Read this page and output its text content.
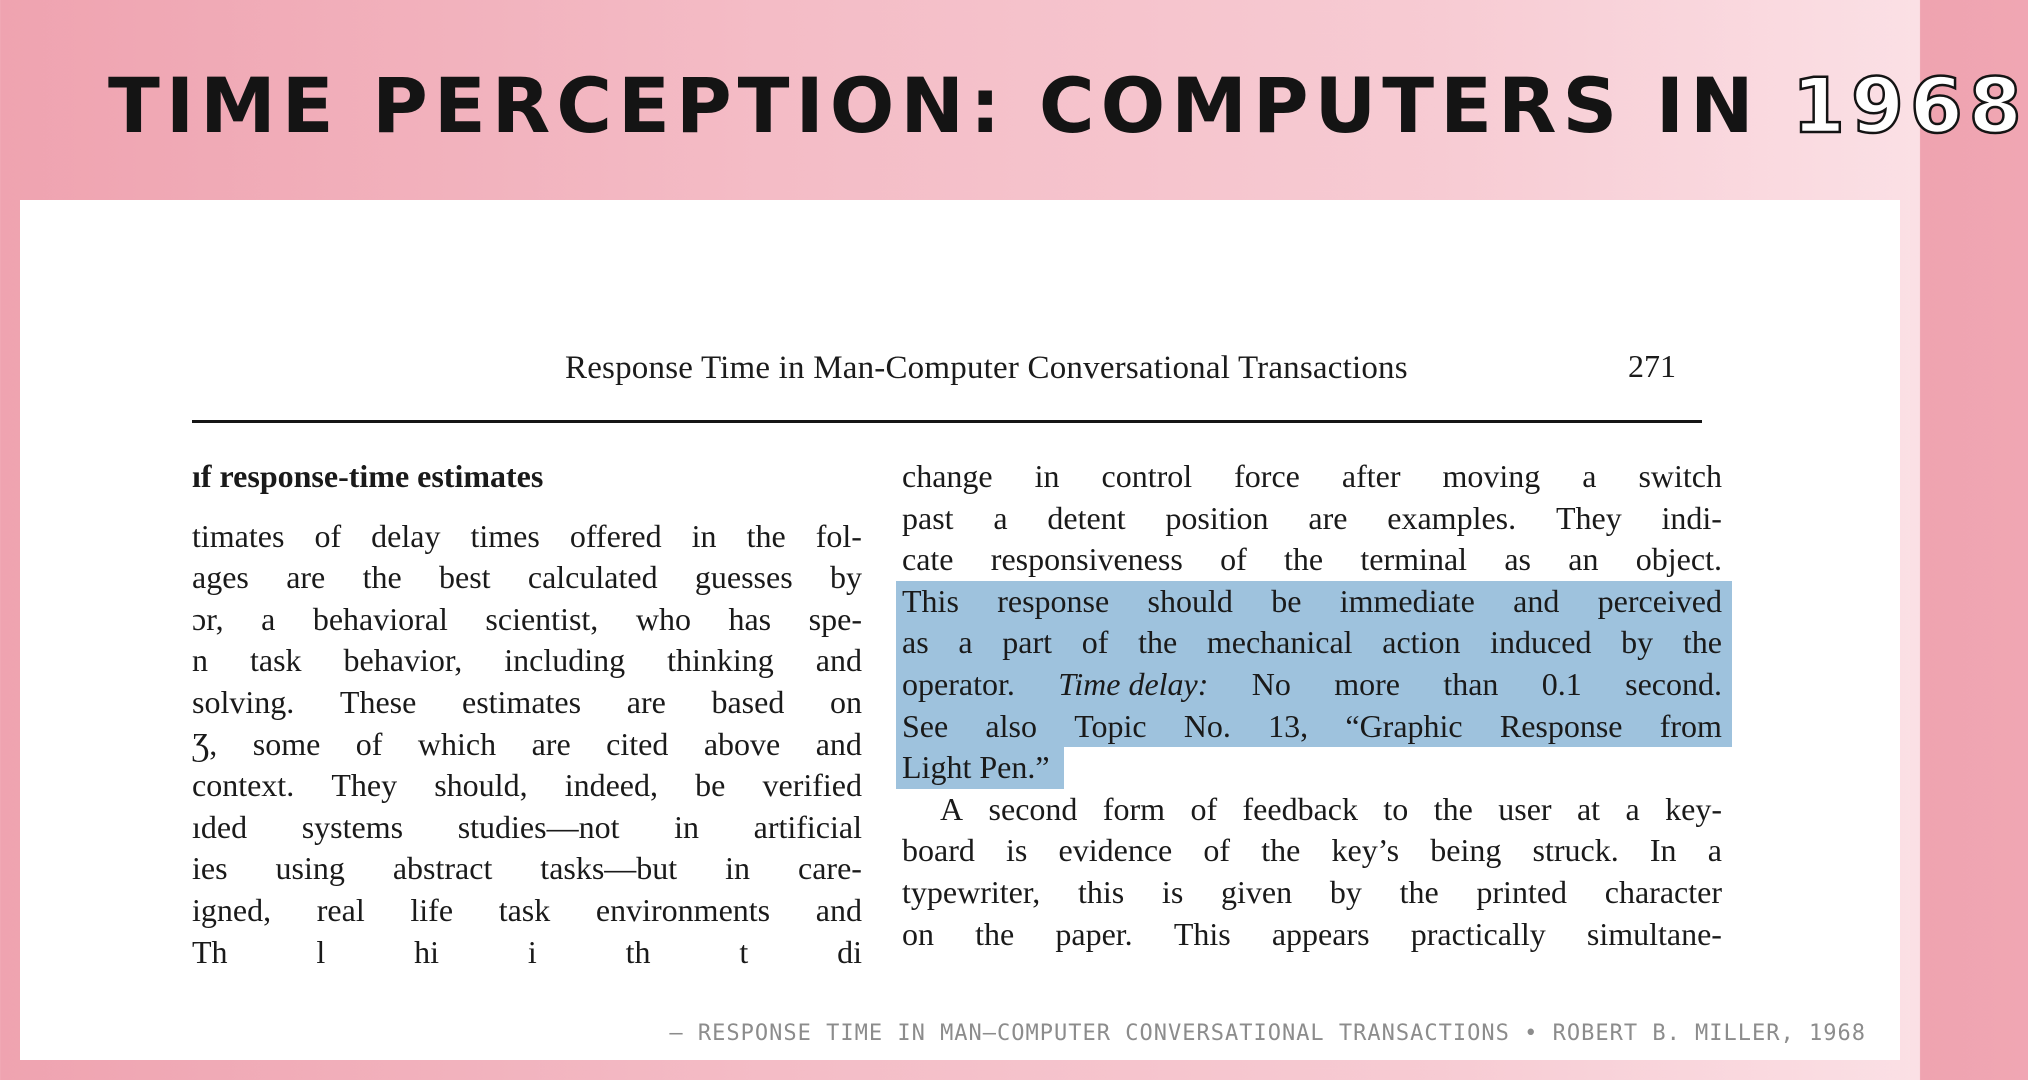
TIME PERCEPTION: COMPUTERS IN 1968
Response Time in Man-Computer Conversational Transactions	271
ıf response-time estimates
timates of delay times offered in the fol-
ages are the best calculated guesses by
ɔr, a behavioral scientist, who has spe-
n task behavior, including thinking and
solving. These estimates are based on
Ʒ, some of which are cited above and
context. They should, indeed, be verified
ıded systems studies—not in artificial
ies using abstract tasks—but in care-
igned, real life task environments and
Th	l	hi	i	th	t	di
change in control force after moving a switch
past a detent position are examples. They indi-
cate responsiveness of the terminal as an object.
This response should be immediate and perceived
as a part of the mechanical action induced by the
operator. Time delay: No more than 0.1 second.
See also Topic No. 13, “Graphic Response from
Light Pen.”
A second form of feedback to the user at a key-
board is evidence of the key’s being struck. In a
typewriter, this is given by the printed character
on the paper. This appears practically simultane-
– RESPONSE TIME IN MAN–COMPUTER CONVERSATIONAL TRANSACTIONS • ROBERT B. MILLER, 1968
